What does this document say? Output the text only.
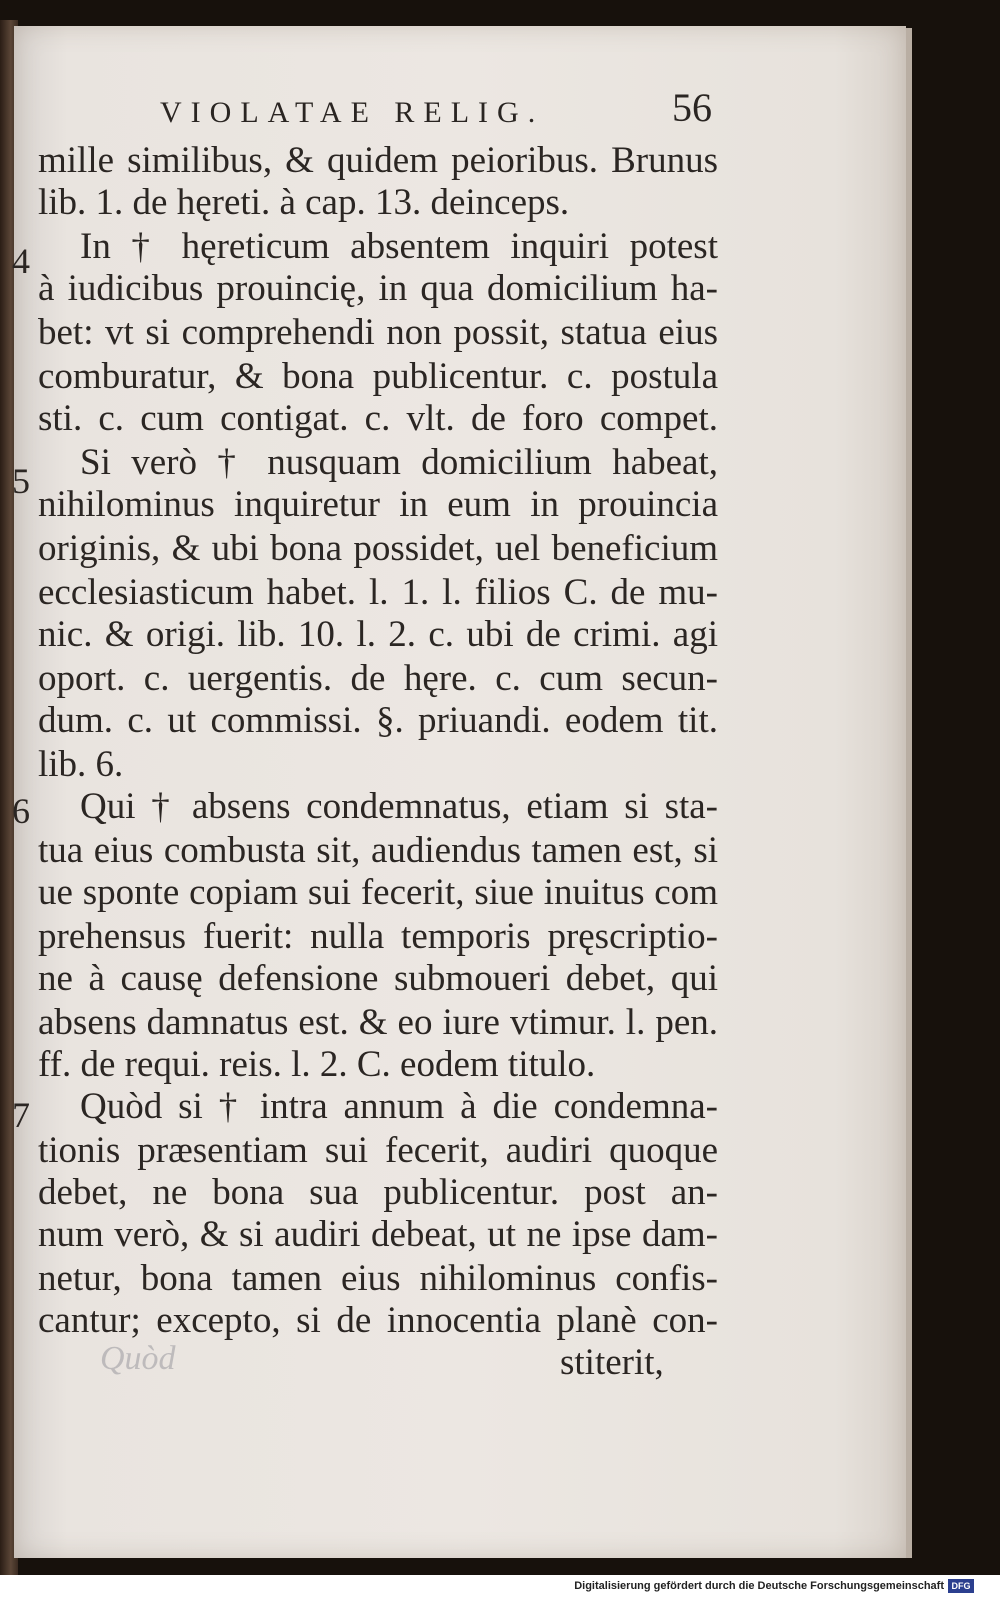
VIOLATAE RELIG.	56
mille similibus, & quidem peioribus. Brunus
lib. 1. de hęreti. à cap. 13. deinceps.
In † hęreticum absentem inquiri potest
à iudicibus prouincię, in qua domicilium ha-
bet: vt si comprehendi non possit, statua eius
comburatur, & bona publicentur. c. postula
sti. c. cum contigat. c. vlt. de foro compet.
Si verò † nusquam domicilium habeat,
nihilominus inquiretur in eum in prouincia
originis, & ubi bona possidet, uel beneficium
ecclesiasticum habet. l. 1. l. filios C. de mu-
nic. & origi. lib. 10. l. 2. c. ubi de crimi. agi
oport. c. uergentis. de hęre. c. cum secun-
dum. c. ut commissi. §. priuandi. eodem tit.
lib. 6.
Qui † absens condemnatus, etiam si sta-
tua eius combusta sit, audiendus tamen est, si
ue sponte copiam sui fecerit, siue inuitus com
prehensus fuerit: nulla temporis pręscriptio-
ne à causę defensione submoueri debet, qui
absens damnatus est. & eo iure vtimur. l. pen.
ff. de requi. reis. l. 2. C. eodem titulo.
Quòd si † intra annum à die condemna-
tionis præsentiam sui fecerit, audiri quoque
debet, ne bona sua publicentur. post an-
num verò, & si audiri debeat, ut ne ipse dam-
netur, bona tamen eius nihilominus confis-
cantur; excepto, si de innocentia planè con-
stiterit,
4
5
6
7
Quòd
Digitalisierung gefördert durch die Deutsche Forschungsgemeinschaft DFG
